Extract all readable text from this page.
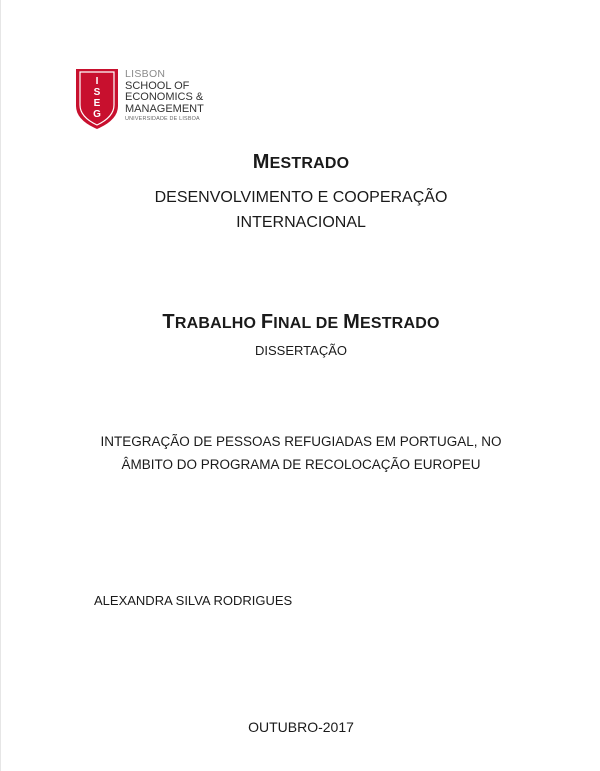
I
S
E
G
LISBON
SCHOOL OF
ECONOMICS &
MANAGEMENT
UNIVERSIDADE DE LISBOA
MESTRADO
DESENVOLVIMENTO E COOPERAÇÃO
INTERNACIONAL
TRABALHO FINAL DE MESTRADO
DISSERTAÇÃO
INTEGRAÇÃO DE PESSOAS REFUGIADAS EM PORTUGAL, NO
ÂMBITO DO PROGRAMA DE RECOLOCAÇÃO EUROPEU
ALEXANDRA SILVA RODRIGUES
OUTUBRO-2017
